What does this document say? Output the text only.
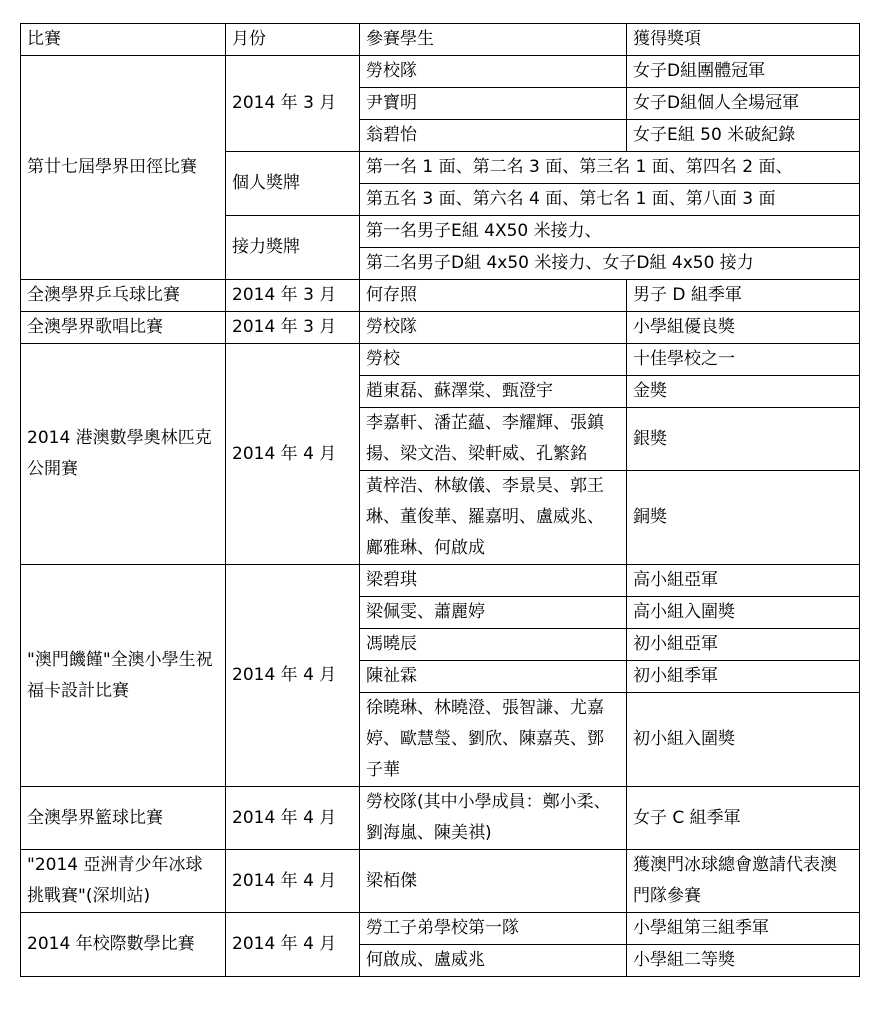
比賽	月份	參賽學生	獲得獎項
第廿七屆學界田徑比賽	2014 年 3 月	勞校隊	女子D組團體冠軍
		尹寶明	女子D組個人全場冠軍
		翁碧怡	女子E組 50 米破紀錄
	個人獎牌	第一名 1 面、第二名 3 面、第三名 1 面、第四名 2 面、	
		第五名 3 面、第六名 4 面、第七名 1 面、第八面 3 面	
	接力獎牌	第一名男子E組 4X50 米接力、	
		第二名男子D組 4x50 米接力、女子D組 4x50 接力	
全澳學界乒乓球比賽	2014 年 3 月	何存照	男子 D 組季軍
全澳學界歌唱比賽	2014 年 3 月	勞校隊	小學組優良獎
2014 港澳數學奧林匹克公開賽	2014 年 4 月	勞校	十佳學校之一
		趙東磊、蘇澤棠、甄澄宇	金獎
		李嘉軒、潘芷蘊、李耀輝、張鎮揚、梁文浩、梁軒威、孔繁銘	銀獎
		黃梓浩、林敏儀、李景昊、郭王琳、董俊華、羅嘉明、盧威兆、鄺雅琳、何啟成	銅獎
"澳門饑饉"全澳小學生祝福卡設計比賽	2014 年 4 月	梁碧琪	高小組亞軍
		梁佩雯、蕭麗婷	高小組入圍獎
		馮曉辰	初小組亞軍
		陳祉霖	初小組季軍
		徐曉琳、林曉澄、張智謙、尤嘉婷、歐慧瑩、劉欣、陳嘉英、鄧子華	初小組入圍獎
全澳學界籃球比賽	2014 年 4 月	勞校隊(其中小學成員：鄭小柔、劉海嵐、陳美祺)	女子 C 組季軍
"2014 亞洲青少年冰球挑戰賽"(深圳站)	2014 年 4 月	梁栢傑	獲澳門冰球總會邀請代表澳門隊參賽
2014 年校際數學比賽	2014 年 4 月	勞工子弟學校第一隊	小學組第三組季軍
		何啟成、盧威兆	小學組二等獎
